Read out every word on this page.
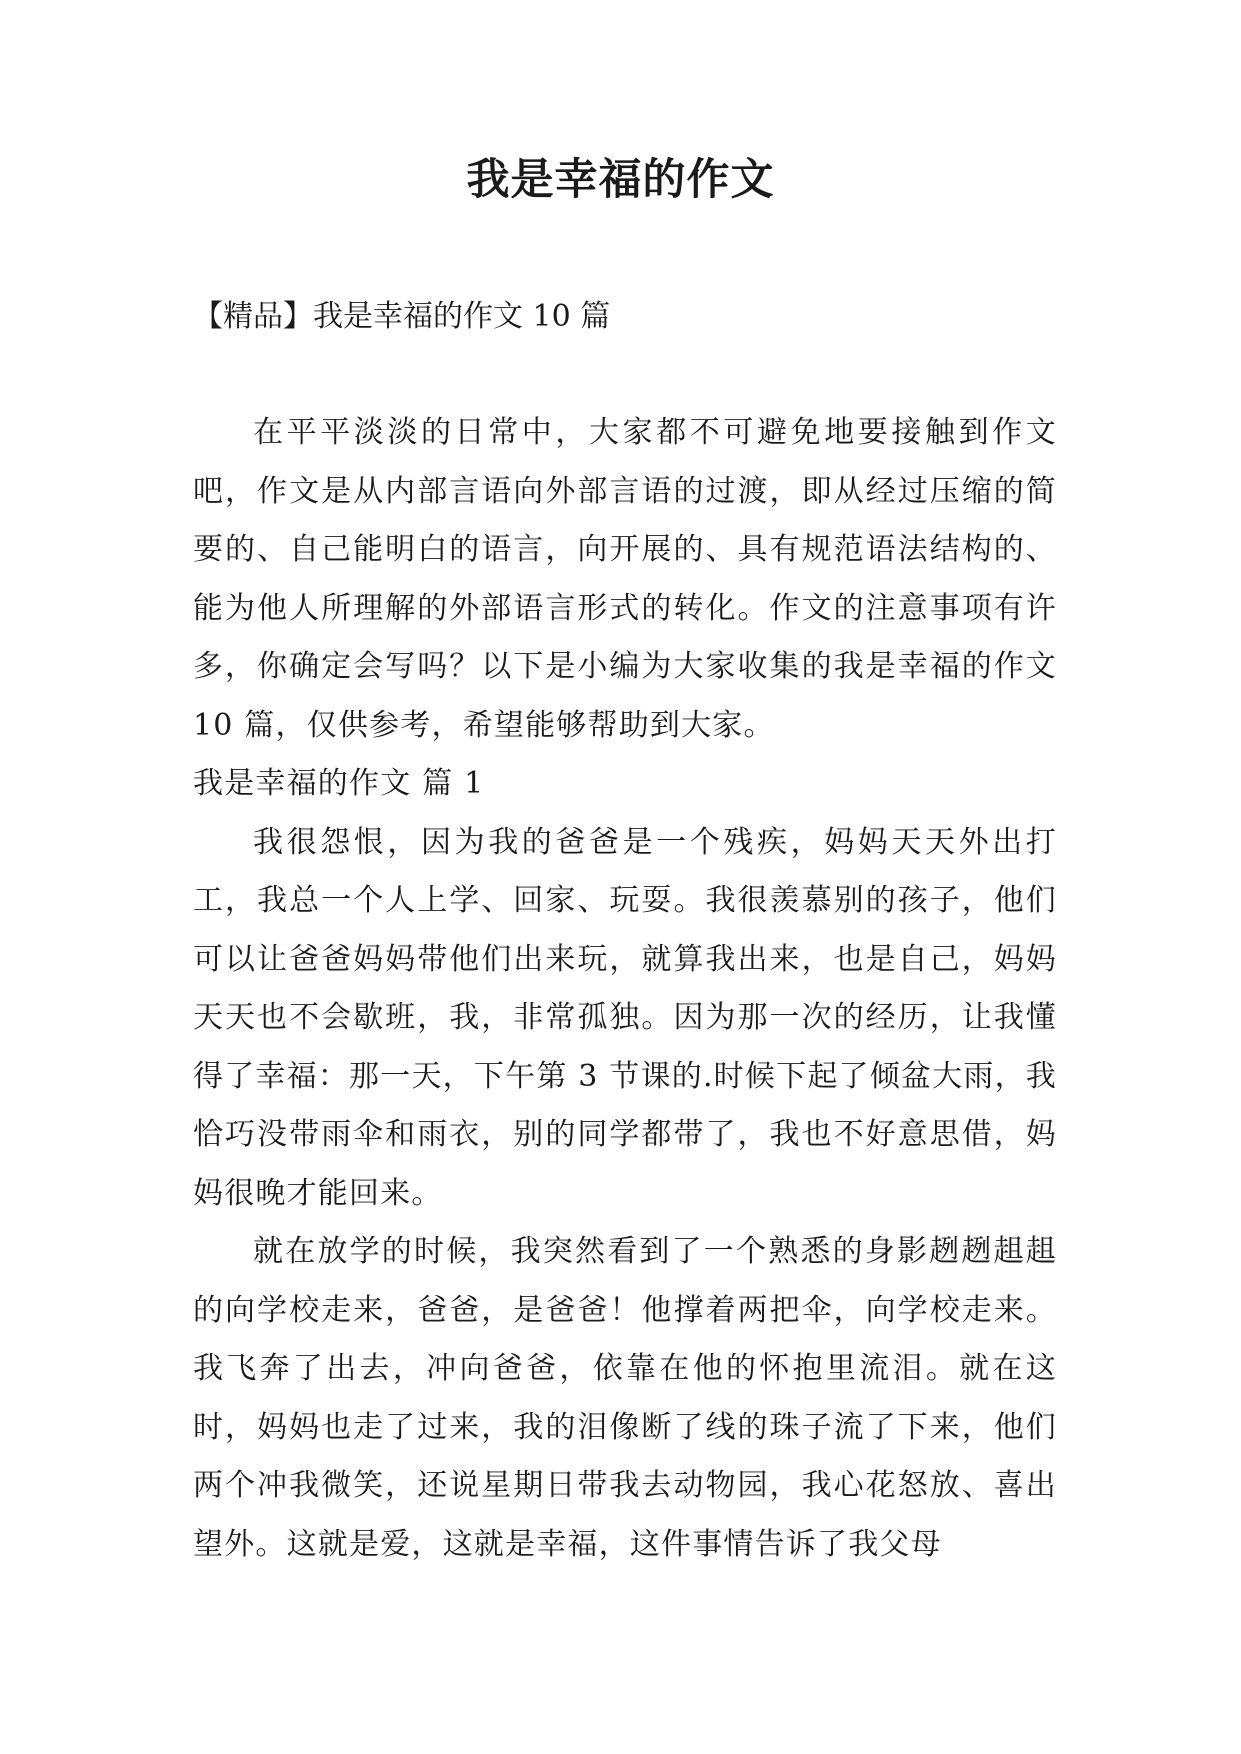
我是幸福的作文

【精品】我是幸福的作文 10 篇

在平平淡淡的日常中，大家都不可避免地要接触到作文吧，作文是从内部言语向外部言语的过渡，即从经过压缩的简要的、自己能明白的语言，向开展的、具有规范语法结构的、能为他人所理解的外部语言形式的转化。作文的注意事项有许多，你确定会写吗？以下是小编为大家收集的我是幸福的作文 10 篇，仅供参考，希望能够帮助到大家。

我是幸福的作文 篇 1

我很怨恨，因为我的爸爸是一个残疾，妈妈天天外出打工，我总一个人上学、回家、玩耍。我很羡慕别的孩子，他们可以让爸爸妈妈带他们出来玩，就算我出来，也是自己，妈妈天天也不会歇班，我，非常孤独。因为那一次的经历，让我懂得了幸福：那一天，下午第 3 节课的.时候下起了倾盆大雨，我恰巧没带雨伞和雨衣，别的同学都带了，我也不好意思借，妈妈很晚才能回来。

就在放学的时候，我突然看到了一个熟悉的身影趔趔趄趄的向学校走来，爸爸，是爸爸！他撑着两把伞，向学校走来。我飞奔了出去，冲向爸爸，依靠在他的怀抱里流泪。就在这时，妈妈也走了过来，我的泪像断了线的珠子流了下来，他们两个冲我微笑，还说星期日带我去动物园，我心花怒放、喜出望外。这就是爱，这就是幸福，这件事情告诉了我父母
